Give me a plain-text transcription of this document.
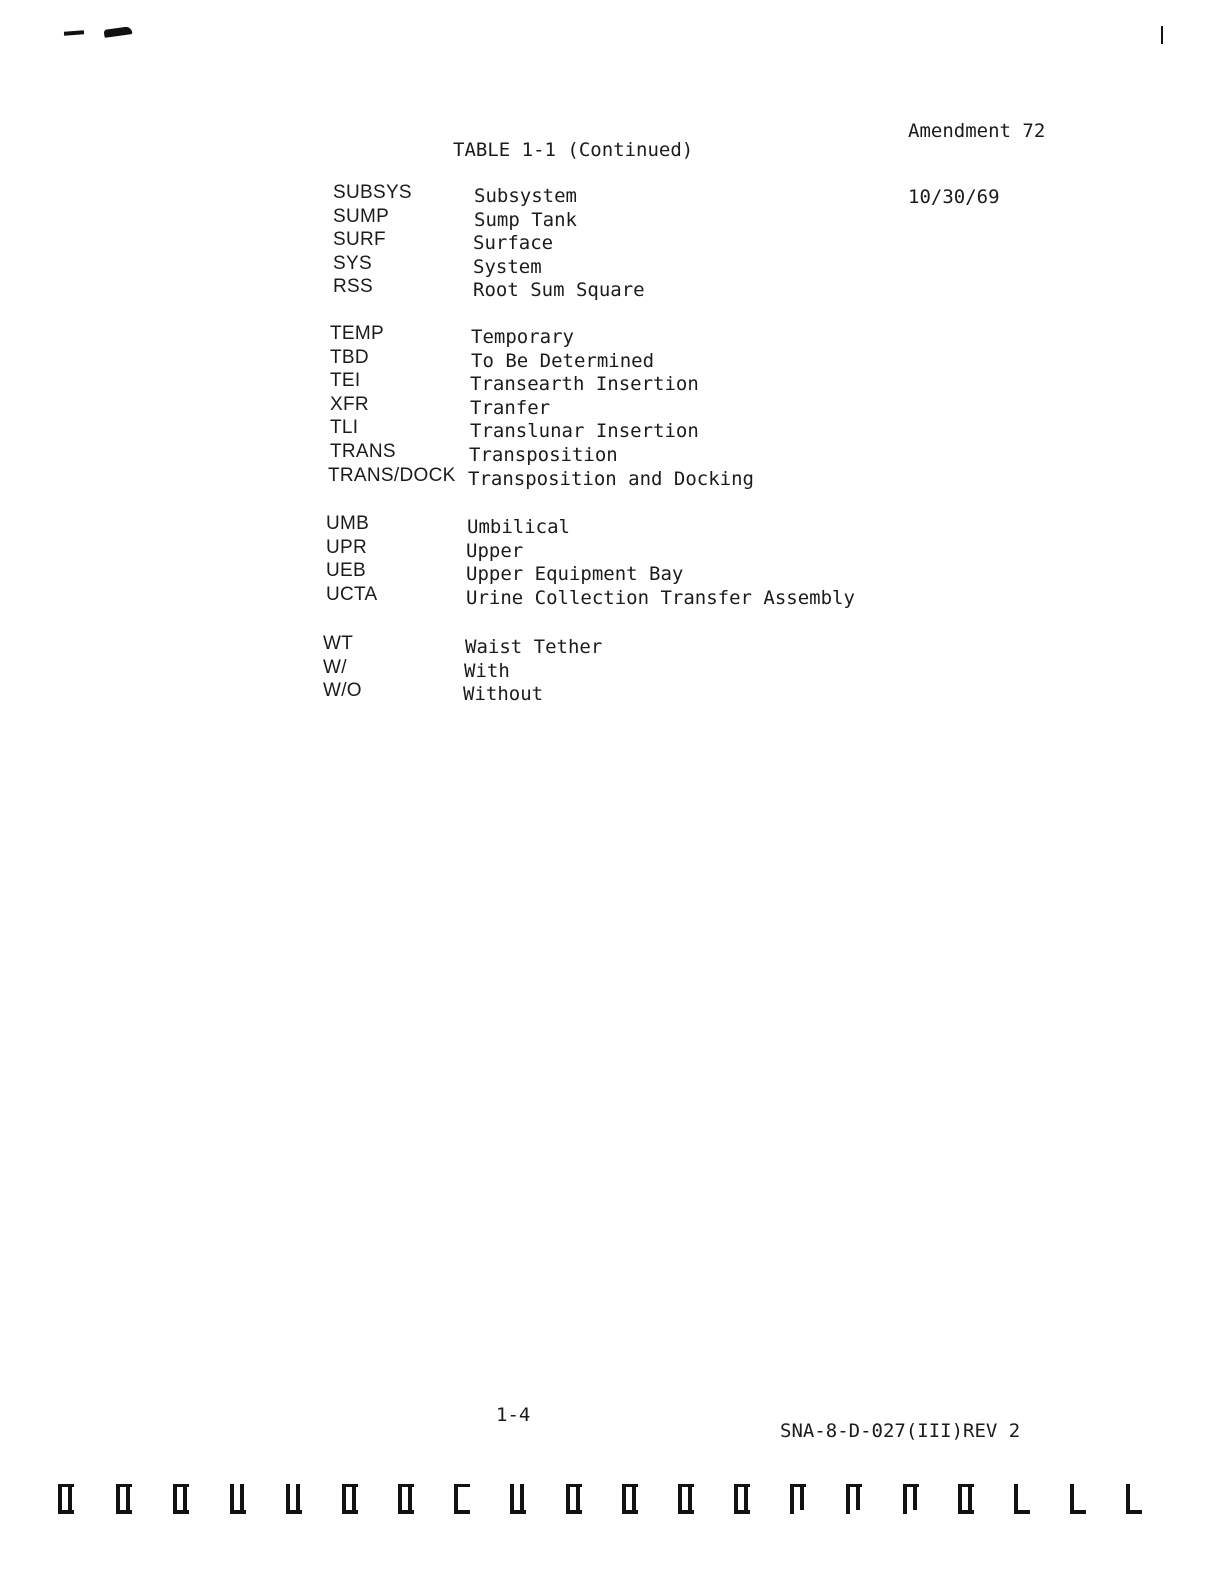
Amendment 72

10/30/69

TABLE 1-1 (Continued)
SUBSYS	Subsystem
SUMP	Sump Tank
SURF	Surface
SYS	System
RSS	Root Sum Square
TEMP	Temporary
TBD	To Be Determined
TEI	Transearth Insertion
XFR	Tranfer
TLI	Translunar Insertion
TRANS	Transposition
TRANS/DOCK Transposition and Docking
UMB	Umbilical
UPR	Upper
UEB	Upper Equipment Bay
UCTA	Urine Collection Transfer Assembly
WT	Waist Tether
W/	With
W/O	Without
1-4
SNA-8-D-027(III)REV 2
